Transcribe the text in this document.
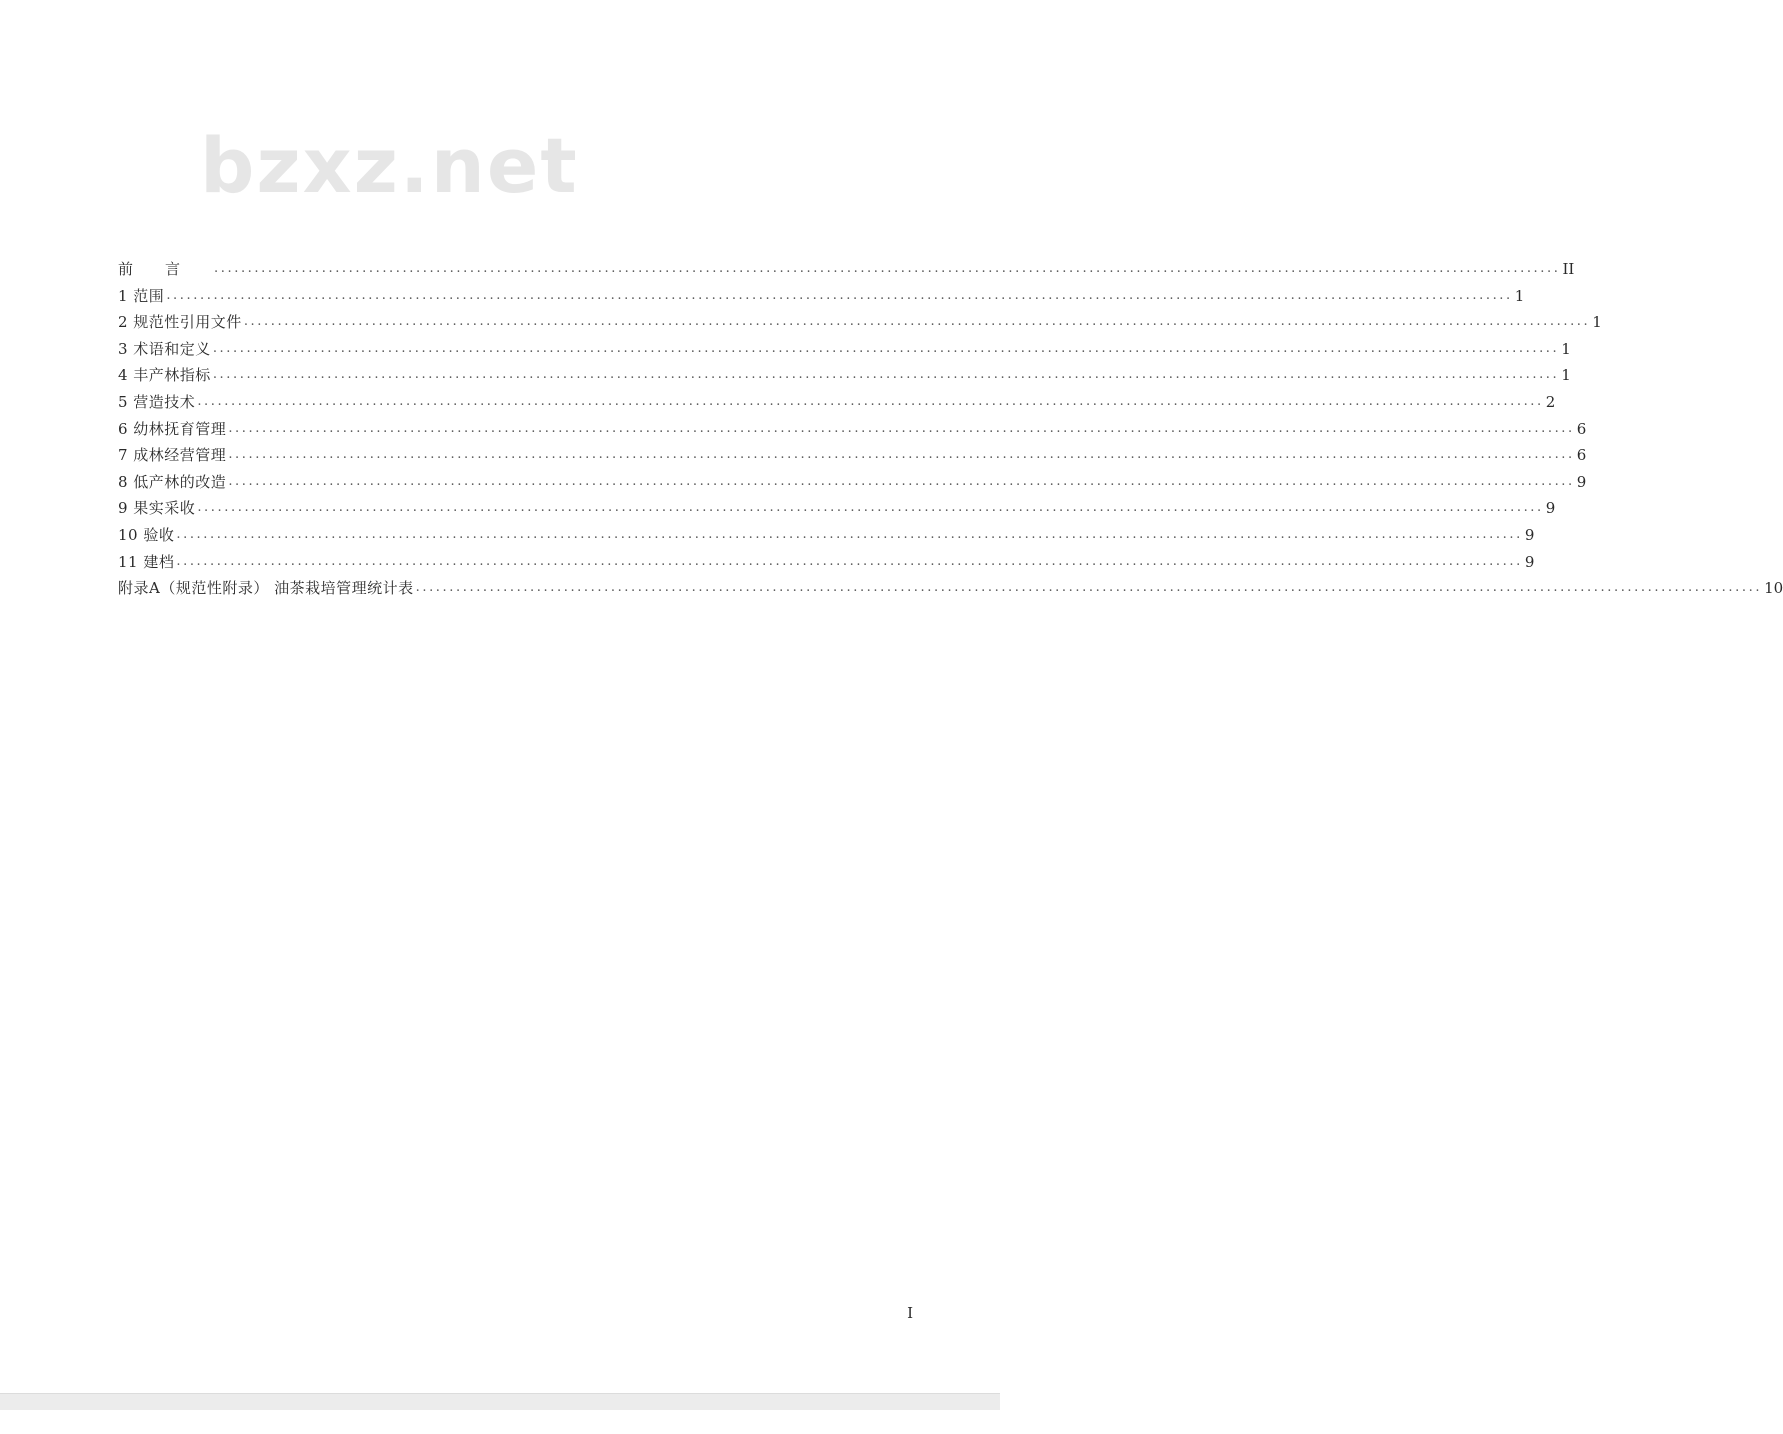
bzxz.net
前言 ........................................................................................................................................................................................................ II
1 范围 ........................................................................................................................................................................................................ 1
2 规范性引用文件 ........................................................................................................................................................................................................ 1
3 术语和定义 ........................................................................................................................................................................................................ 1
4 丰产林指标 ........................................................................................................................................................................................................ 1
5 营造技术 ........................................................................................................................................................................................................ 2
6 幼林抚育管理 ........................................................................................................................................................................................................ 6
7 成林经营管理 ........................................................................................................................................................................................................ 6
8 低产林的改造 ........................................................................................................................................................................................................ 9
9 果实采收 ........................................................................................................................................................................................................ 9
10 验收 ........................................................................................................................................................................................................ 9
11 建档 ........................................................................................................................................................................................................ 9
附录A（规范性附录） 油茶栽培管理统计表 ........................................................................................................................................................................................................ 10
I
